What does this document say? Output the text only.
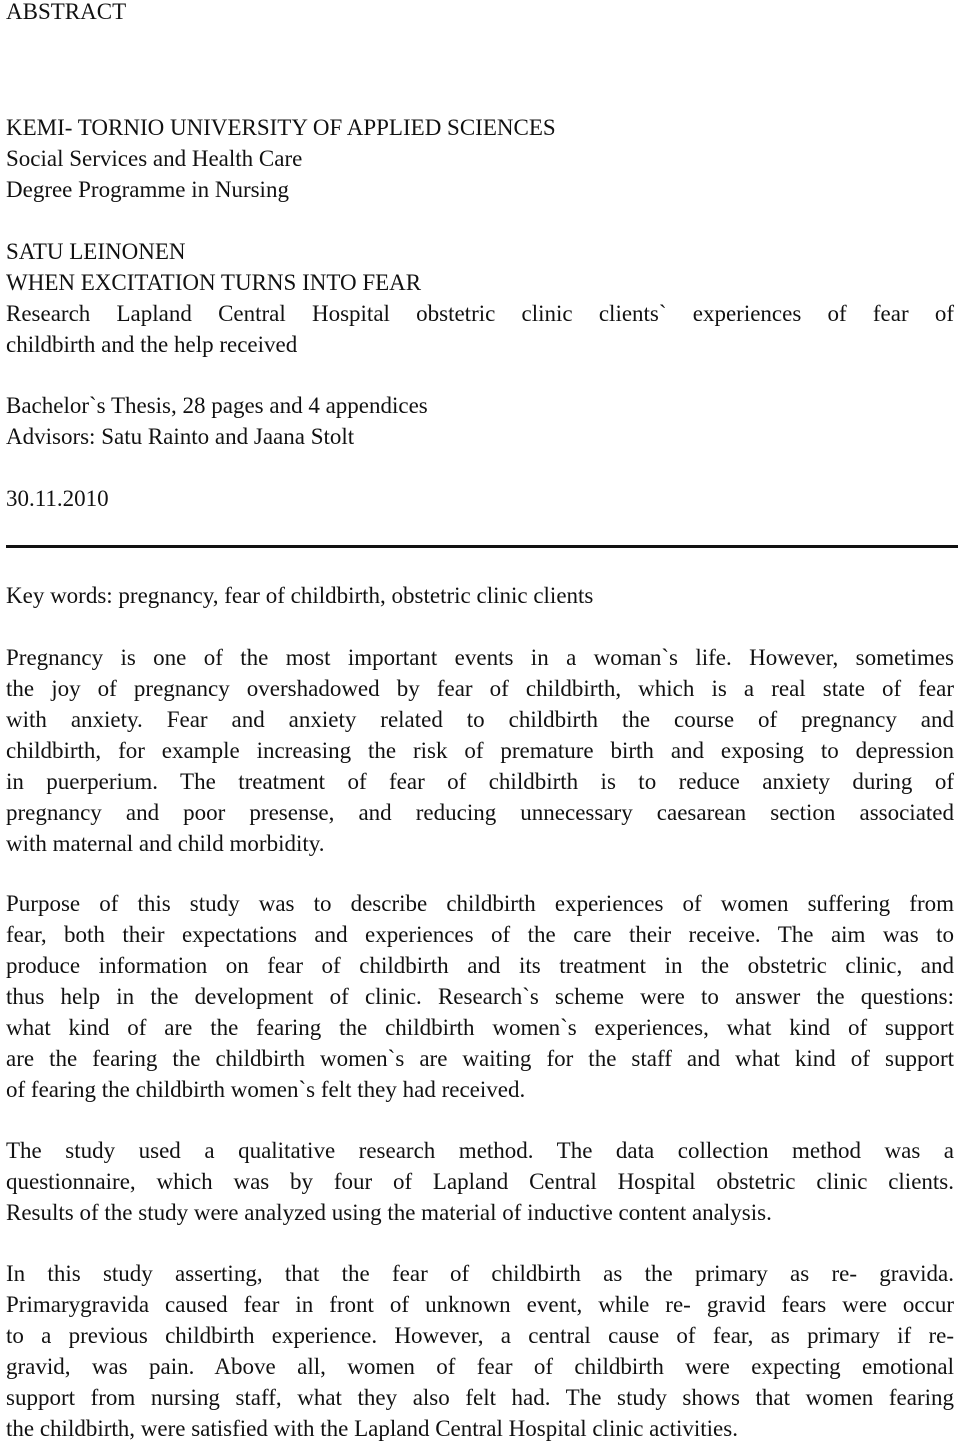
ABSTRACT
KEMI- TORNIO UNIVERSITY OF APPLIED SCIENCES
Social Services and Health Care
Degree Programme in Nursing
SATU LEINONEN
WHEN EXCITATION TURNS INTO FEAR
Research Lapland Central Hospital obstetric clinic clients` experiences of fear of
childbirth and the help received
Bachelor`s Thesis, 28 pages and 4 appendices
Advisors: Satu Rainto and Jaana Stolt
30.11.2010
Key words: pregnancy, fear of childbirth, obstetric clinic clients
Pregnancy is one of the most important events in a woman`s life. However, sometimes
the joy of pregnancy overshadowed by fear of childbirth, which is a real state of fear
with anxiety. Fear and anxiety related to childbirth the course of pregnancy and
childbirth, for example increasing the risk of premature birth and exposing to depression
in puerperium. The treatment of fear of childbirth is to reduce anxiety during of
pregnancy and poor presense, and reducing unnecessary caesarean section associated
with maternal and child morbidity.
Purpose of this study was to describe childbirth experiences of women suffering from
fear, both their expectations and experiences of the care their receive. The aim was to
produce information on fear of childbirth and its treatment in the obstetric clinic, and
thus help in the development of clinic. Research`s scheme were to answer the questions:
what kind of are the fearing the childbirth women`s experiences, what kind of support
are the fearing the childbirth women`s are waiting for the staff and what kind of support
of fearing the childbirth women`s felt they had received.
The study used a qualitative research method. The data collection method was a
questionnaire, which was by four of Lapland Central Hospital obstetric clinic clients.
Results of the study were analyzed using the material of inductive content analysis.
In this study asserting, that the fear of childbirth as the primary as re- gravida.
Primarygravida caused fear in front of unknown event, while re- gravid fears were occur
to a previous childbirth experience. However, a central cause of fear, as primary if re-
gravid, was pain. Above all, women of fear of childbirth were expecting emotional
support from nursing staff, what they also felt had. The study shows that women fearing
the childbirth, were satisfied with the Lapland Central Hospital clinic activities.
